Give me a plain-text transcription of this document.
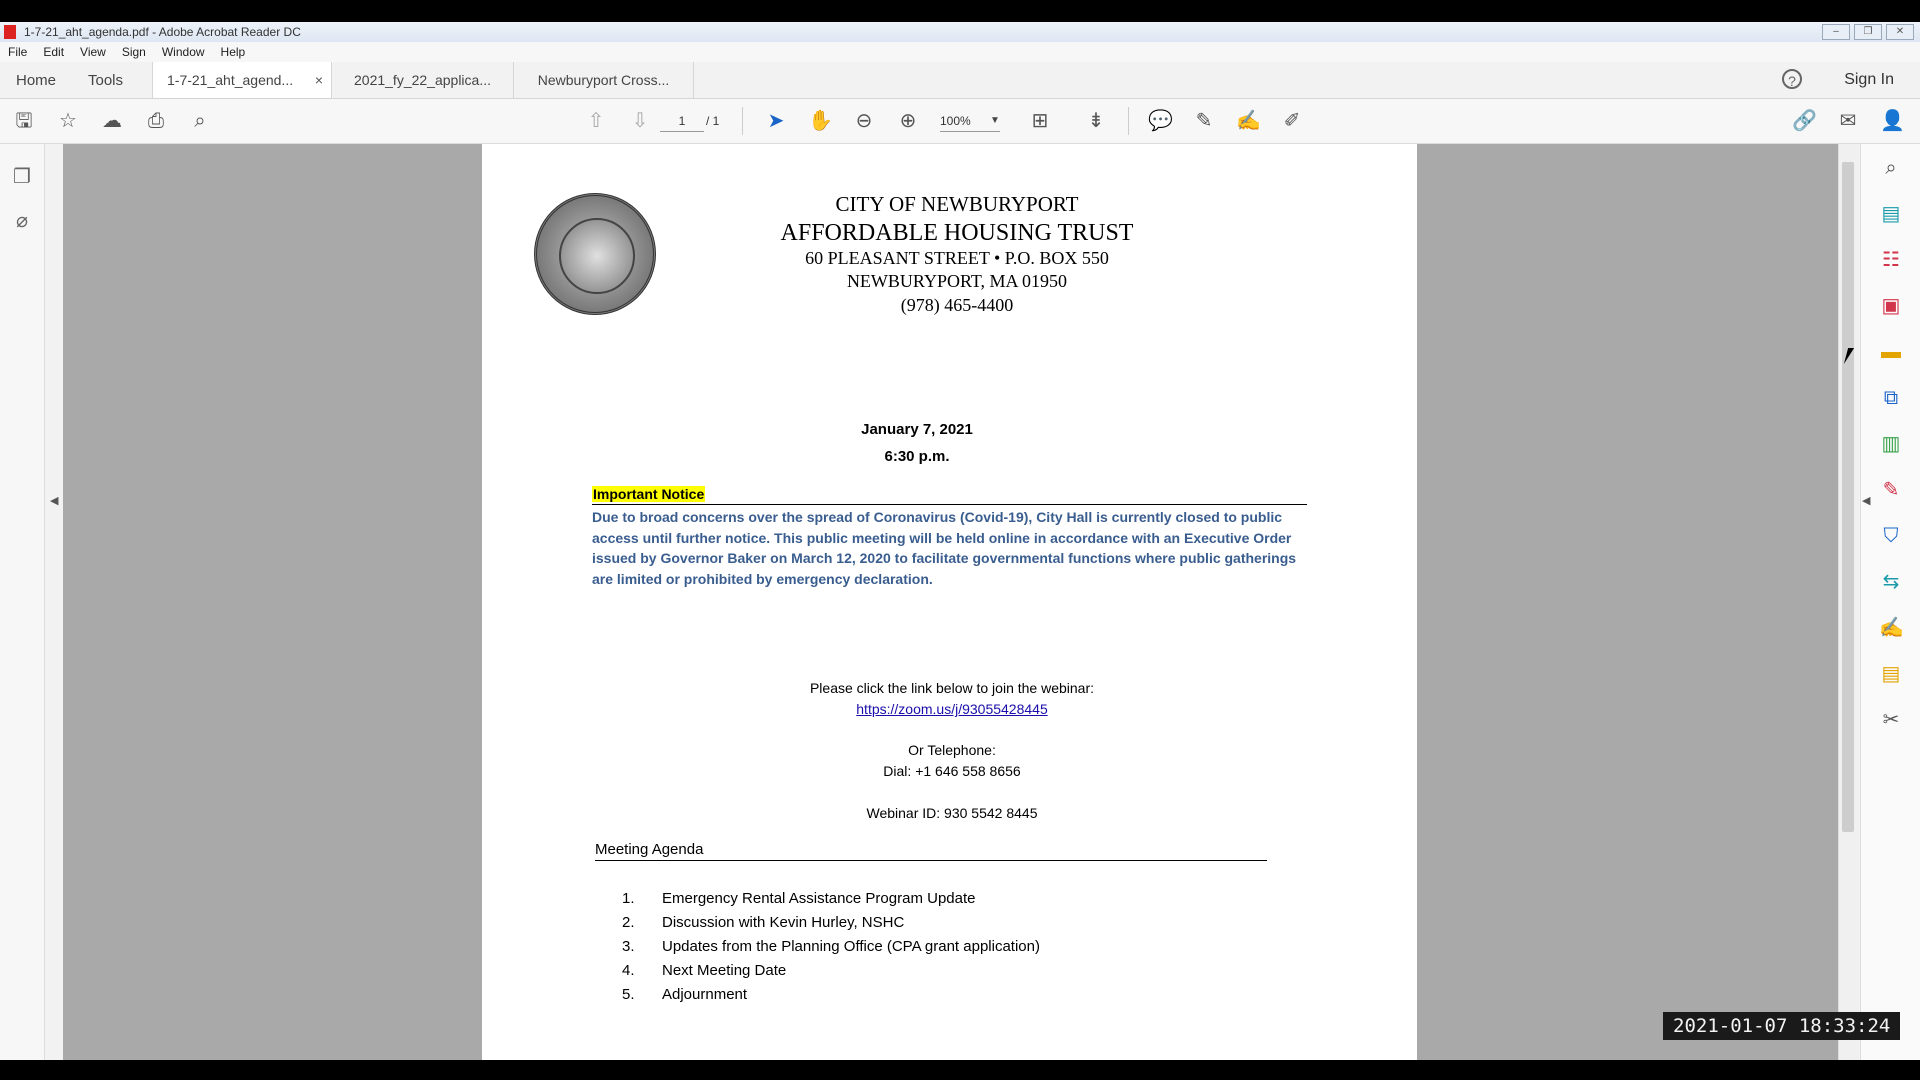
1-7-21_aht_agenda.pdf - Adobe Acrobat Reader DC	–	❐	✕
File	Edit	View	Sign	Window	Help
Home Tools	1-7-21_aht_agend... ×	2021_fy_22_applica...	Newburyport Cross...	?	Sign In
🖫 ☆ ☁ ⎙	⌕	⇧ ⇩	1	/ 1 ➤ ✋ ⊖ ⊕	100%	▼ ⊞ ⇟ 💬 ✎ ✍ ✐	🔗 ✉ 👤
❐
⌀
◀
⌕
▤
☷
▣
▬
⧉
▥
✎
⛉
⇆
✍
▤
✂
◀
CITY OF NEWBURYPORT
AFFORDABLE HOUSING TRUST
60 PLEASANT STREET • P.O. BOX 550
NEWBURYPORT, MA 01950
(978) 465-4400
January 7, 2021
6:30 p.m.
Important Notice
Due to broad concerns over the spread of Coronavirus (Covid-19), City Hall is currently closed to public access until further notice. This public meeting will be held online in accordance with an Executive Order issued by Governor Baker on March 12, 2020 to facilitate governmental functions where public gatherings are limited or prohibited by emergency declaration.
Please click the link below to join the webinar:
https://zoom.us/j/93055428445
Or Telephone:
Dial: +1 646 558 8656
Webinar ID: 930 5542 8445
Meeting Agenda
1.	Emergency Rental Assistance Program Update
2.	Discussion with Kevin Hurley, NSHC
3.	Updates from the Planning Office (CPA grant application)
4.	Next Meeting Date
5.	Adjournment
2021-01-07 18:33:24
